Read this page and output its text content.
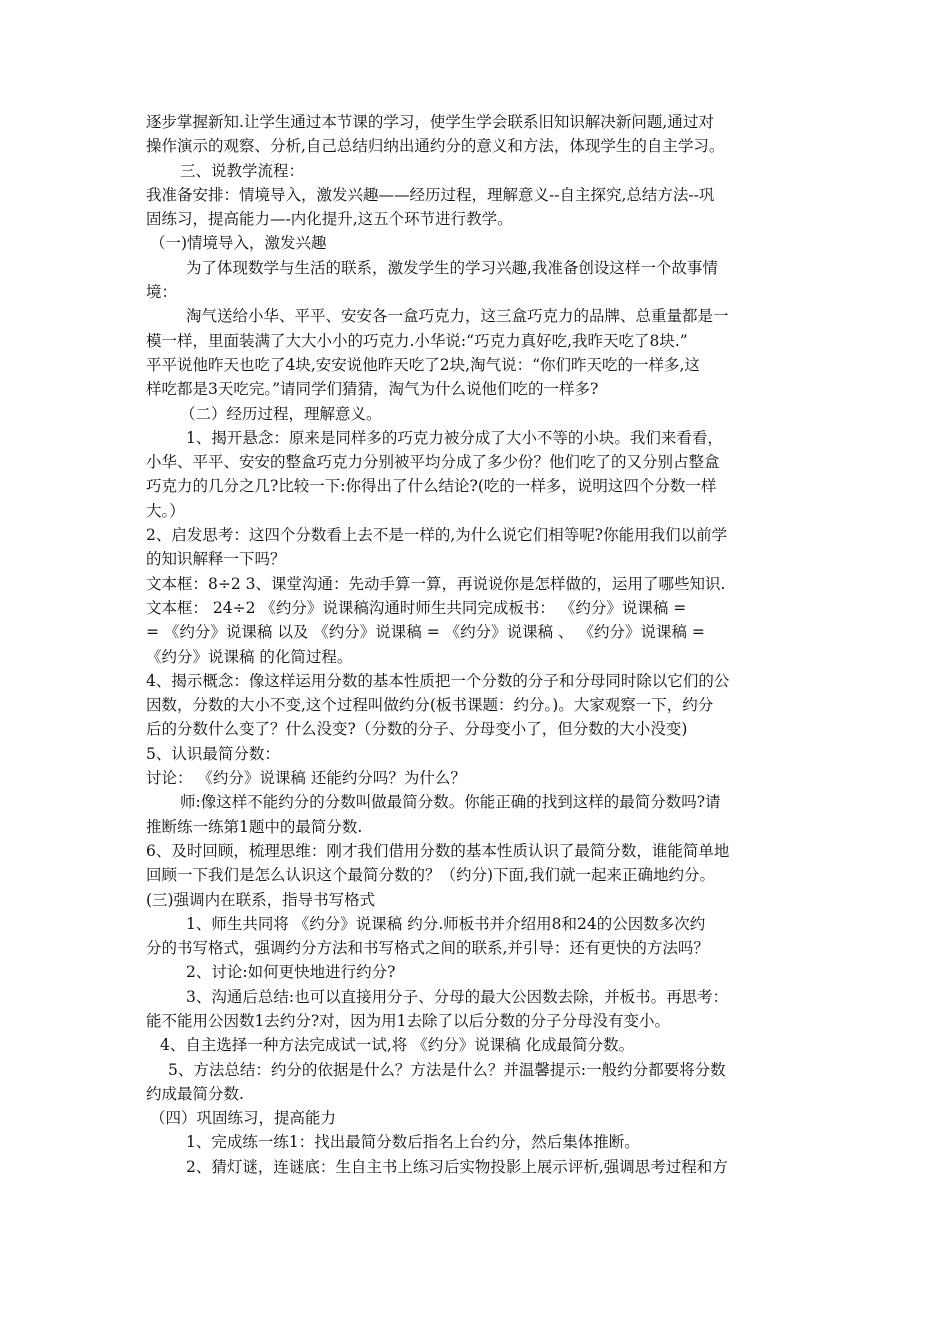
逐步掌握新知.让学生通过本节课的学习，使学生学会联系旧知识解决新问题,通过对
操作演示的观察、分析,自己总结归纳出通约分的意义和方法，体现学生的自主学习。
三、说教学流程：
我准备安排：情境导入，激发兴趣——经历过程，理解意义--自主探究,总结方法--巩
固练习，提高能力—-内化提升,这五个环节进行教学。
（一)情境导入，激发兴趣
为了体现数学与生活的联系，激发学生的学习兴趣,我准备创设这样一个故事情
境：
淘气送给小华、平平、安安各一盒巧克力，这三盒巧克力的品牌、总重量都是一
模一样，里面装满了大大小小的巧克力.小华说:“巧克力真好吃,我昨天吃了8块.”
平平说他昨天也吃了4块,安安说他昨天吃了2块,淘气说：“你们昨天吃的一样多,这
样吃都是3天吃完。”请同学们猜猜，淘气为什么说他们吃的一样多?
（二）经历过程，理解意义。
1、揭开悬念：原来是同样多的巧克力被分成了大小不等的小块。我们来看看，
小华、平平、安安的整盒巧克力分别被平均分成了多少份？他们吃了的又分别占整盒
巧克力的几分之几?比较一下:你得出了什么结论?(吃的一样多，说明这四个分数一样
大。）
2、启发思考：这四个分数看上去不是一样的,为什么说它们相等呢?你能用我们以前学
的知识解释一下吗？
文本框：8÷2 3、课堂沟通：先动手算一算，再说说你是怎样做的，运用了哪些知识.
文本框： 24÷2 《约分》说课稿沟通时师生共同完成板书： 《约分》说课稿 =
= 《约分》说课稿 以及 《约分》说课稿 = 《约分》说课稿 、 《约分》说课稿 =
《约分》说课稿 的化简过程。
4、揭示概念：像这样运用分数的基本性质把一个分数的分子和分母同时除以它们的公
因数，分数的大小不变,这个过程叫做约分(板书课题：约分。)。大家观察一下，约分
后的分数什么变了？什么没变?（分数的分子、分母变小了，但分数的大小没变)
5、认识最简分数：
讨论： 《约分》说课稿 还能约分吗？为什么？
师:像这样不能约分的分数叫做最简分数。你能正确的找到这样的最简分数吗?请
推断练一练第1题中的最简分数.
6、及时回顾，梳理思维：刚才我们借用分数的基本性质认识了最简分数，谁能简单地
回顾一下我们是怎么认识这个最简分数的？（约分)下面,我们就一起来正确地约分。
(三)强调内在联系，指导书写格式
1、师生共同将 《约分》说课稿 约分.师板书并介绍用8和24的公因数多次约
分的书写格式，强调约分方法和书写格式之间的联系,并引导：还有更快的方法吗？
2、讨论:如何更快地进行约分?
3、沟通后总结:也可以直接用分子、分母的最大公因数去除，并板书。再思考：
能不能用公因数1去约分?对，因为用1去除了以后分数的分子分母没有变小。
4、自主选择一种方法完成试一试,将 《约分》说课稿 化成最简分数。
5、方法总结：约分的依据是什么？方法是什么？并温馨提示:一般约分都要将分数
约成最简分数.
（四）巩固练习，提高能力
1、完成练一练1：找出最简分数后指名上台约分，然后集体推断。
2、猜灯谜，连谜底：生自主书上练习后实物投影上展示评析,强调思考过程和方
